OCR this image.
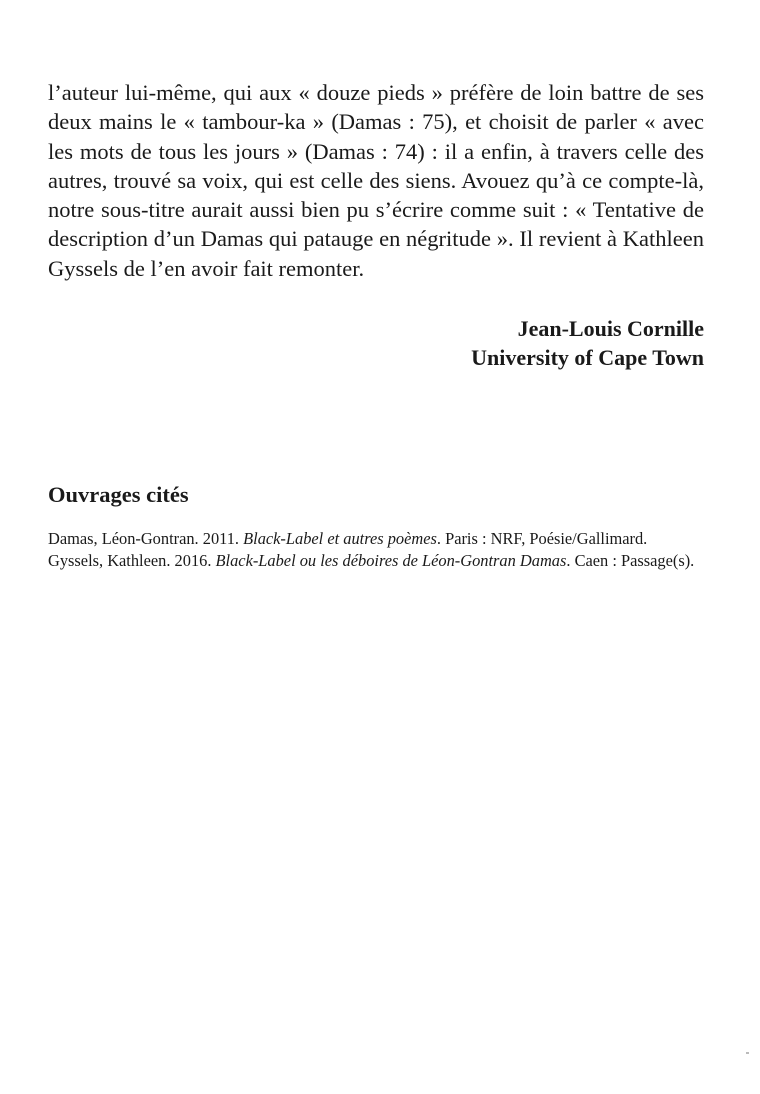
l’auteur lui-même, qui aux « douze pieds » préfère de loin battre de ses deux mains le « tambour-ka » (Damas : 75), et choisit de parler « avec les mots de tous les jours » (Damas : 74) : il a enfin, à travers celle des autres, trouvé sa voix, qui est celle des siens. Avouez qu’à ce compte-là, notre sous-titre aurait aussi bien pu s’écrire comme suit : « Tentative de description d’un Damas qui patauge en négritude ». Il revient à Kathleen Gyssels de l’en avoir fait remonter.

Jean-Louis Cornille
University of Cape Town
Ouvrages cités

Damas, Léon-Gontran. 2011. Black-Label et autres poèmes. Paris : NRF, Poésie/Gallimard.

Gyssels, Kathleen. 2016. Black-Label ou les déboires de Léon-Gontran Damas. Caen : Passage(s).
